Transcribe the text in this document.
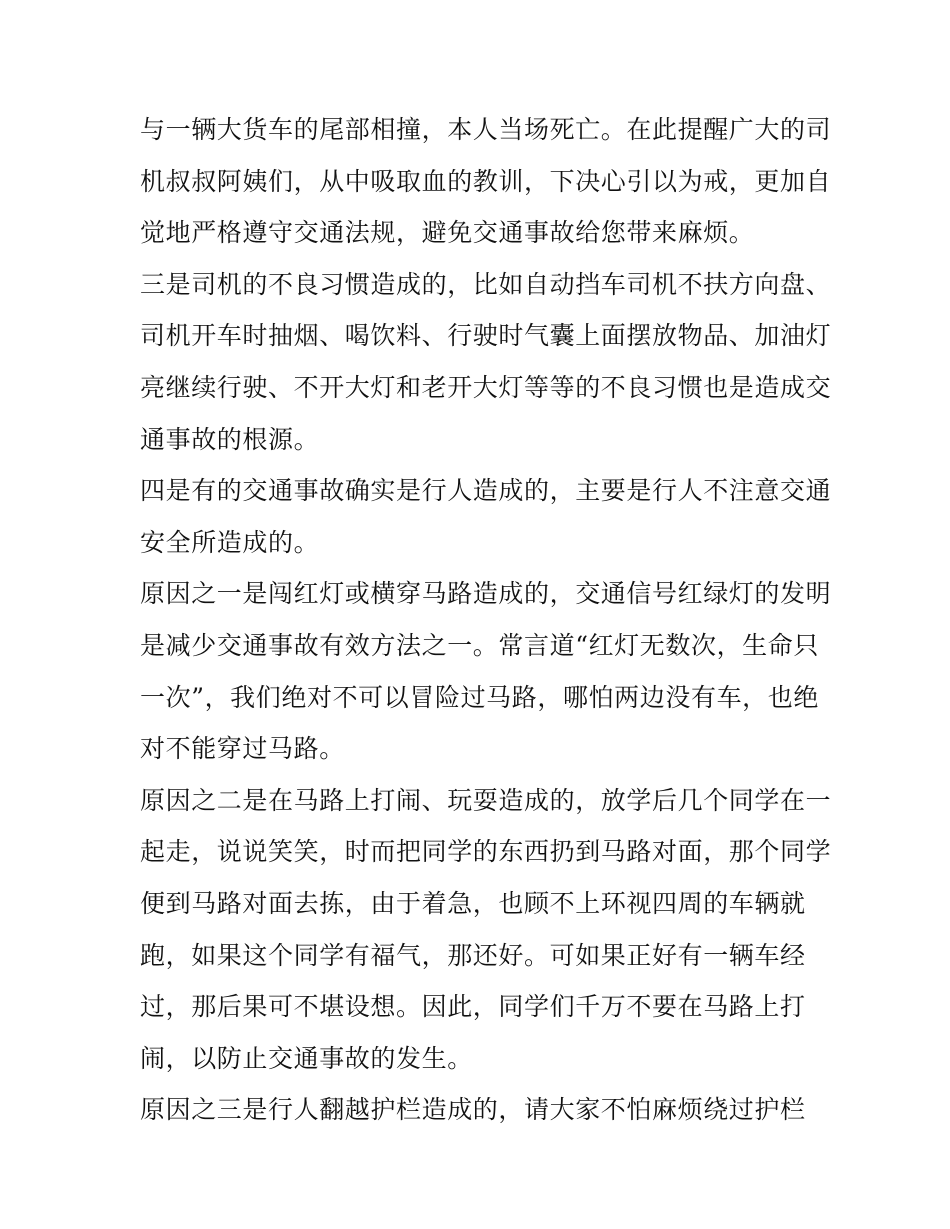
与一辆大货车的尾部相撞，本人当场死亡。在此提醒广大的司
机叔叔阿姨们，从中吸取血的教训，下决心引以为戒，更加自
觉地严格遵守交通法规，避免交通事故给您带来麻烦。
三是司机的不良习惯造成的，比如自动挡车司机不扶方向盘、
司机开车时抽烟、喝饮料、行驶时气囊上面摆放物品、加油灯
亮继续行驶、不开大灯和老开大灯等等的不良习惯也是造成交
通事故的根源。
四是有的交通事故确实是行人造成的，主要是行人不注意交通
安全所造成的。
原因之一是闯红灯或横穿马路造成的，交通信号红绿灯的发明
是减少交通事故有效方法之一。常言道“红灯无数次，生命只
一次”，我们绝对不可以冒险过马路，哪怕两边没有车，也绝
对不能穿过马路。
原因之二是在马路上打闹、玩耍造成的，放学后几个同学在一
起走，说说笑笑，时而把同学的东西扔到马路对面，那个同学
便到马路对面去拣，由于着急，也顾不上环视四周的车辆就
跑，如果这个同学有福气，那还好。可如果正好有一辆车经
过，那后果可不堪设想。因此，同学们千万不要在马路上打
闹，以防止交通事故的发生。
原因之三是行人翻越护栏造成的，请大家不怕麻烦绕过护栏
